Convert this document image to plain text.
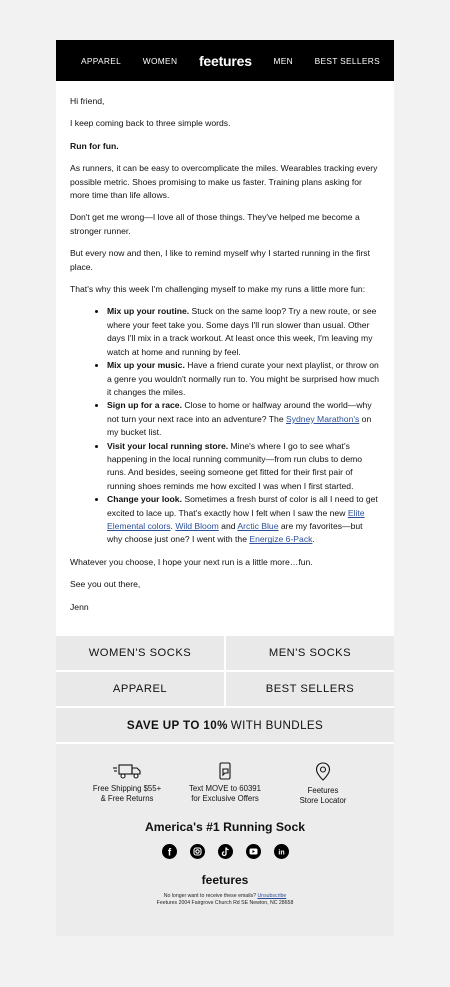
APPAREL	WOMEN feetures	MEN	BEST SELLERS

Hi friend,

I keep coming back to three simple words.

Run for fun.

As runners, it can be easy to overcomplicate the miles. Wearables tracking every possible metric. Shoes promising to make us faster. Training plans asking for more time than life allows.

Don't get me wrong—I love all of those things. They've helped me become a stronger runner.

But every now and then, I like to remind myself why I started running in the first place.

That's why this week I'm challenging myself to make my runs a little more fun:

• Mix up your routine. Stuck on the same loop? Try a new route, or see where your feet take you. Some days I'll run slower than usual. Other days I'll mix in a track workout. At least once this week, I'm leaving my watch at home and running by feel.
• Mix up your music. Have a friend curate your next playlist, or throw on a genre you wouldn't normally run to. You might be surprised how much it changes the miles.
• Sign up for a race. Close to home or halfway around the world—why not turn your next race into an adventure? The Sydney Marathon's on my bucket list.
• Visit your local running store. Mine's where I go to see what's happening in the local running community—from run clubs to demo runs. And besides, seeing someone get fitted for their first pair of running shoes reminds me how excited I was when I first started.
• Change your look. Sometimes a fresh burst of color is all I need to get excited to lace up. That's exactly how I felt when I saw the new Elite Elemental colors. Wild Bloom and Arctic Blue are my favorites—but why choose just one? I went with the Energize 6-Pack.

Whatever you choose, I hope your next run is a little more…fun.

See you out there,

Jenn

WOMEN'S SOCKS	MEN'S SOCKS
APPAREL	BEST SELLERS
SAVE UP TO 10% WITH BUNDLES
Free Shipping $55+
& Free Returns
Text MOVE to 60391
for Exclusive Offers
Feetures
Store Locator
America's #1 Running Sock
f	in
feetures
No longer want to receive these emails? Unsubscribe
Feetures 2004 Fairgrove Church Rd SE Newton, NC 28658
